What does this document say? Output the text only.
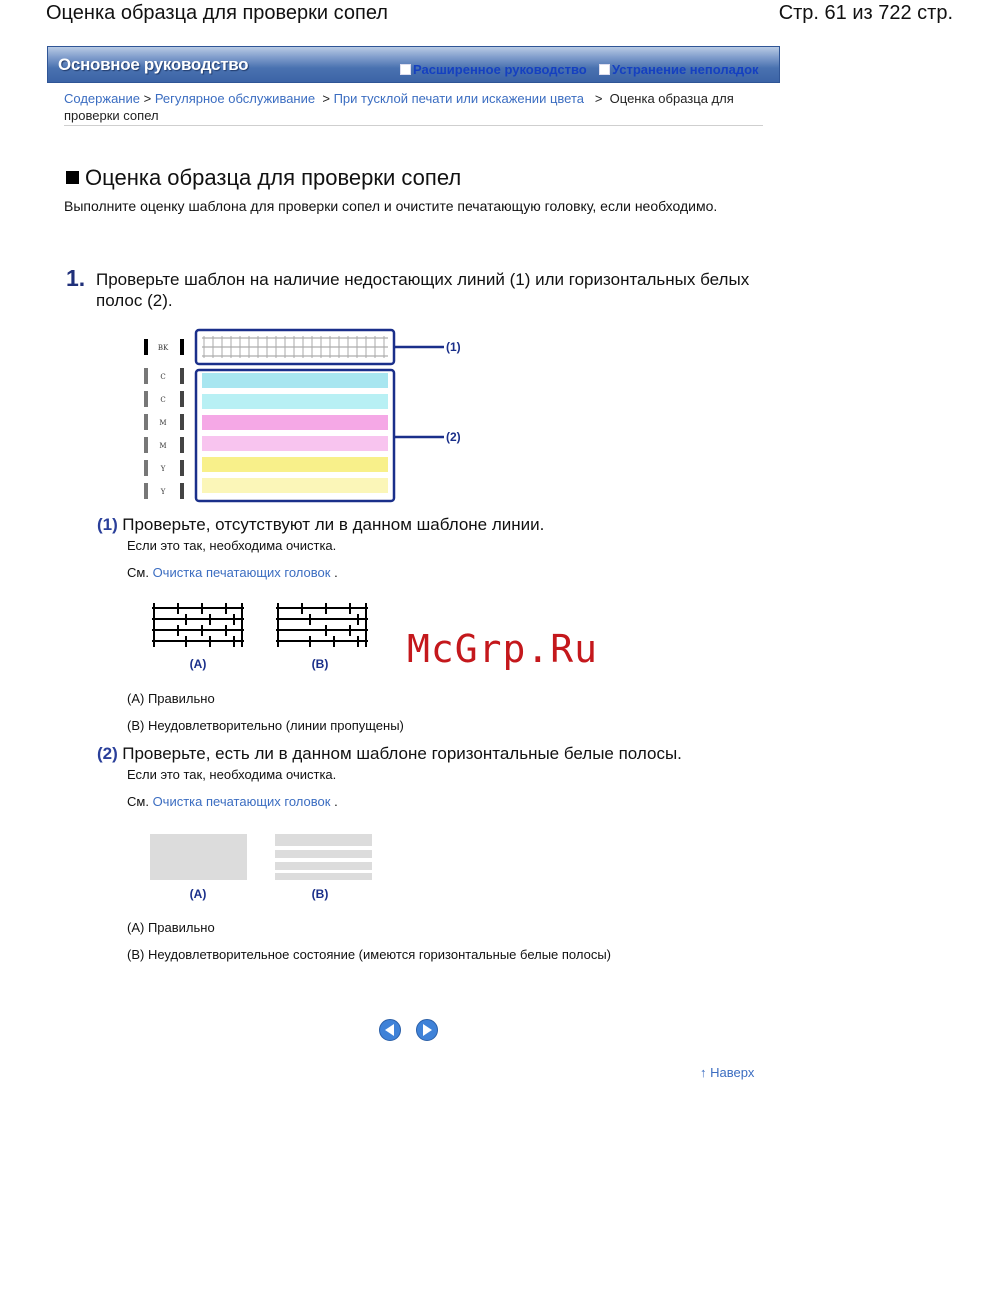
Оценка образца для проверки сопел	Стр. 61 из 722 стр.
Основное руководство	Расширенное руководство	Устранение неполадок
Содержание > Регулярное обслуживание > При тусклой печати или искажении цвета > Оценка образца для проверки сопел
Оценка образца для проверки сопел
Выполните оценку шаблона для проверки сопел и очистите печатающую головку, если необходимо.
1. Проверьте шаблон на наличие недостающих линий (1) или горизонтальных белых полос (2).
BK
C
C
M
M
Y
Y
(1)
(2)
(1) Проверьте, отсутствуют ли в данном шаблоне линии.
Если это так, необходима очистка.
См. Очистка печатающих головок .
(A)	(B) McGrp.Ru
(A) Правильно
(B) Неудовлетворительно (линии пропущены)
(2) Проверьте, есть ли в данном шаблоне горизонтальные белые полосы.
Если это так, необходима очистка.
См. Очистка печатающих головок .
(A)	(B)
(A) Правильно
(B) Неудовлетворительное состояние (имеются горизонтальные белые полосы)
↑ Наверх
